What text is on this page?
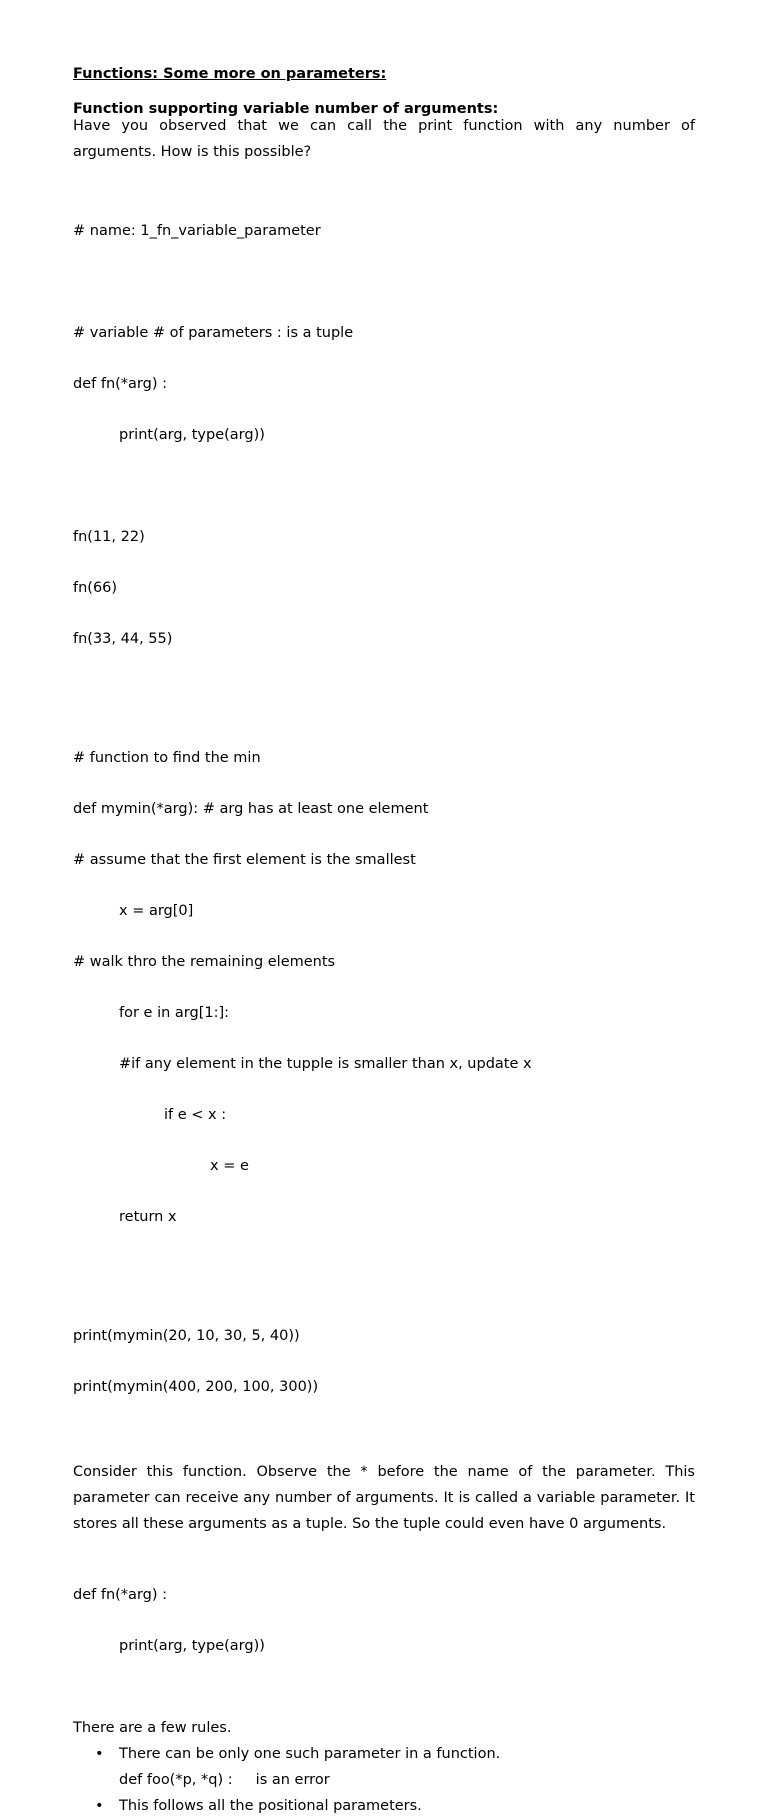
Functions: Some more on parameters:

Function supporting variable number of arguments:

Have you observed that we can call the print function with any number of arguments. How is this possible?

# name: 1_fn_variable_parameter

# variable # of parameters : is a tuple

def fn(*arg) :

print(arg, type(arg))

fn(11, 22)

fn(66)

fn(33, 44, 55)

# function to find the min

def mymin(*arg): # arg has at least one element

# assume that the first element is the smallest

x = arg[0]

# walk thro the remaining elements

for e in arg[1:]:

#if any element in the tupple is smaller than x, update x

if e < x :

x = e

return x

print(mymin(20, 10, 30, 5, 40))

print(mymin(400, 200, 100, 300))

Consider this function. Observe the * before the name of the parameter. This parameter can receive any number of arguments. It is called a variable parameter. It stores all these arguments as a tuple. So the tuple could even have 0 arguments.

def fn(*arg) :

print(arg, type(arg))

There are a few rules.

• There can be only one such parameter in a function.
def foo(*p, *q) : is an error
• This follows all the positional parameters.
